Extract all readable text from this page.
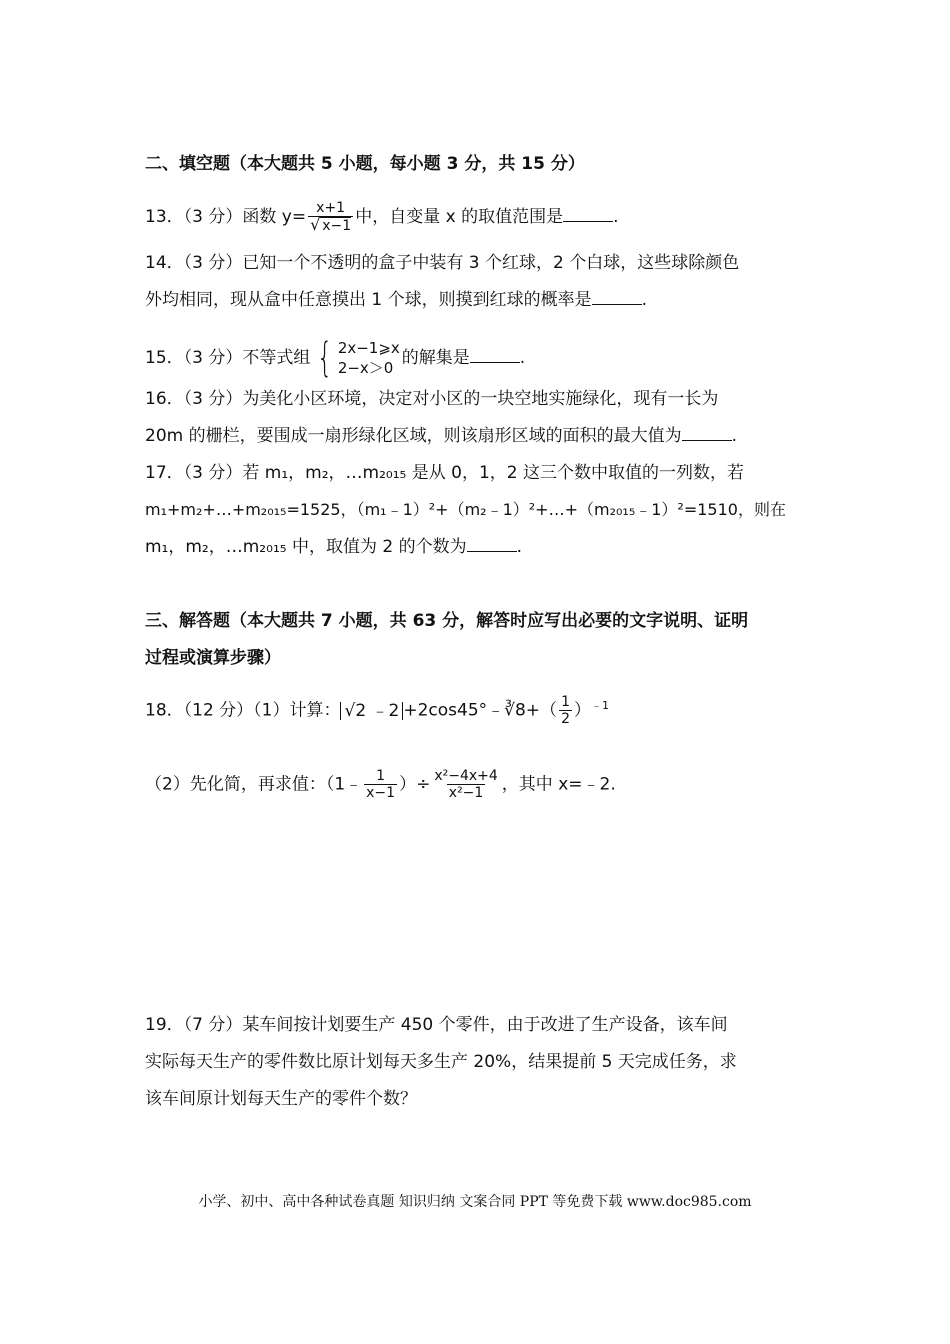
二、填空题（本大题共 5 小题，每小题 3 分，共 15 分）
13．（3 分）函数 $y= \frac{x+1}{√ x-1}$ 中，自变量 x 的取值范围是	.
14．（3 分）已知一个不透明的盒子中装有 3 个红球，2 个白球，这些球除颜色
外均相同，现从盒中任意摸出 1 个球，则摸到红球的概率是	.
15．（3 分）不等式组 { 2x−1⩾x
2−x＞0 的解集是	.
16．（3 分）为美化小区环境，决定对小区的一块空地实施绿化，现有一长为
20m 的栅栏，要围成一扇形绿化区域，则该扇形区域的面积的最大值为	.
17．（3 分）若 m₁，m₂，…m₂₀₁₅ 是从 0，1，2 这三个数中取值的一列数，若
m₁+m₂+…+m₂₀₁₅=1525，（m₁﹣1）²+（m₂﹣1）²+…+（m₂₀₁₅﹣1）²=1510，则在
m₁，m₂，…m₂₀₁₅ 中，取值为 2 的个数为	.
三、解答题（本大题共 7 小题，共 63 分，解答时应写出必要的文字说明、证明
过程或演算步骤）
18．（12 分）（1）计算： √2 ﹣2 +2cos45°﹣∛8+（ $\frac{1}{2} )^{﹣1}$
（2）先化简，再求值：（1﹣ $\frac{1}{x-1}$ ）÷ $\frac{\text{x²−4x+4}}{\text{x²−1}}$ ，其中 x=﹣2.
19．（7 分）某车间按计划要生产 450 个零件，由于改进了生产设备，该车间
实际每天生产的零件数比原计划每天多生产 20%，结果提前 5 天完成任务，求
该车间原计划每天生产的零件个数？
小学、初中、高中各种试卷真题 知识归纳 文案合同 PPT 等免费下载 www.doc985.com
